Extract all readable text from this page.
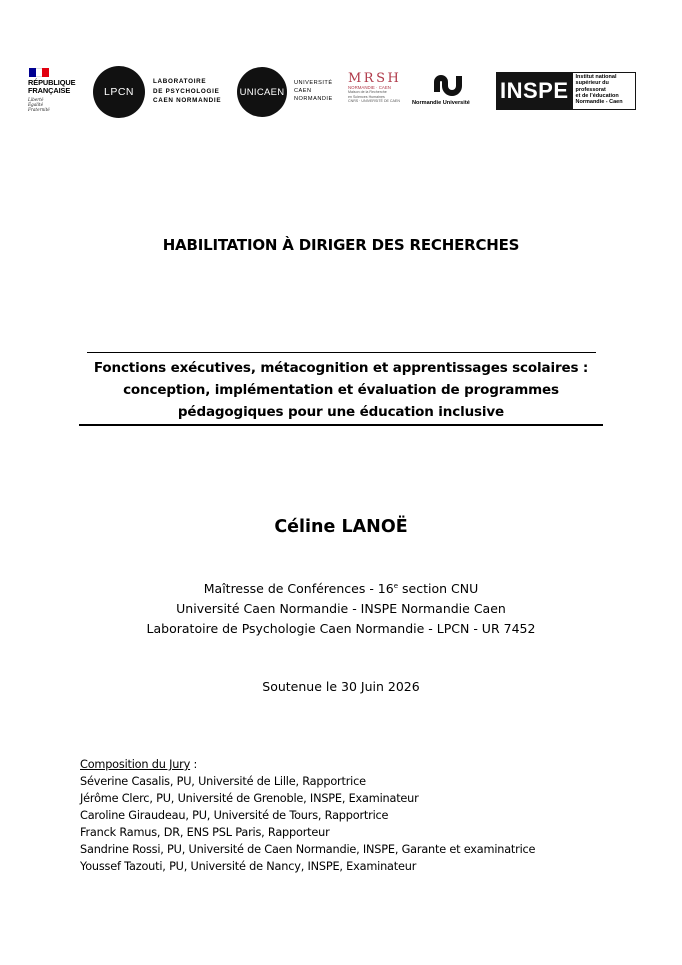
RÉPUBLIQUE
FRANÇAISE
Liberté
Égalité
Fraternité
LPCN
LABORATOIRE
DE PSYCHOLOGIE
CAEN NORMANDIE
UNICAEN
UNIVERSITÉ
CAEN
NORMANDIE
MRSH
NORMANDIE · CAEN
Maison de la Recherche
en Sciences Humaines
CNRS · UNIVERSITÉ DE CAEN	Normandie Université	INSPE
Institut national
supérieur du professorat
et de l'éducation
Normandie - Caen
HABILITATION À DIRIGER DES RECHERCHES
Fonctions exécutives, métacognition et apprentissages scolaires :
conception, implémentation et évaluation de programmes
pédagogiques pour une éducation inclusive
Céline LANOË
Maîtresse de Conférences - 16e section CNU
Université Caen Normandie - INSPE Normandie Caen
Laboratoire de Psychologie Caen Normandie - LPCN - UR 7452
Soutenue le 30 Juin 2026
Composition du Jury :
Séverine Casalis, PU, Université de Lille, Rapportrice
Jérôme Clerc, PU, Université de Grenoble, INSPE, Examinateur
Caroline Giraudeau, PU, Université de Tours, Rapportrice
Franck Ramus, DR, ENS PSL Paris, Rapporteur
Sandrine Rossi, PU, Université de Caen Normandie, INSPE, Garante et examinatrice
Youssef Tazouti, PU, Université de Nancy, INSPE, Examinateur
